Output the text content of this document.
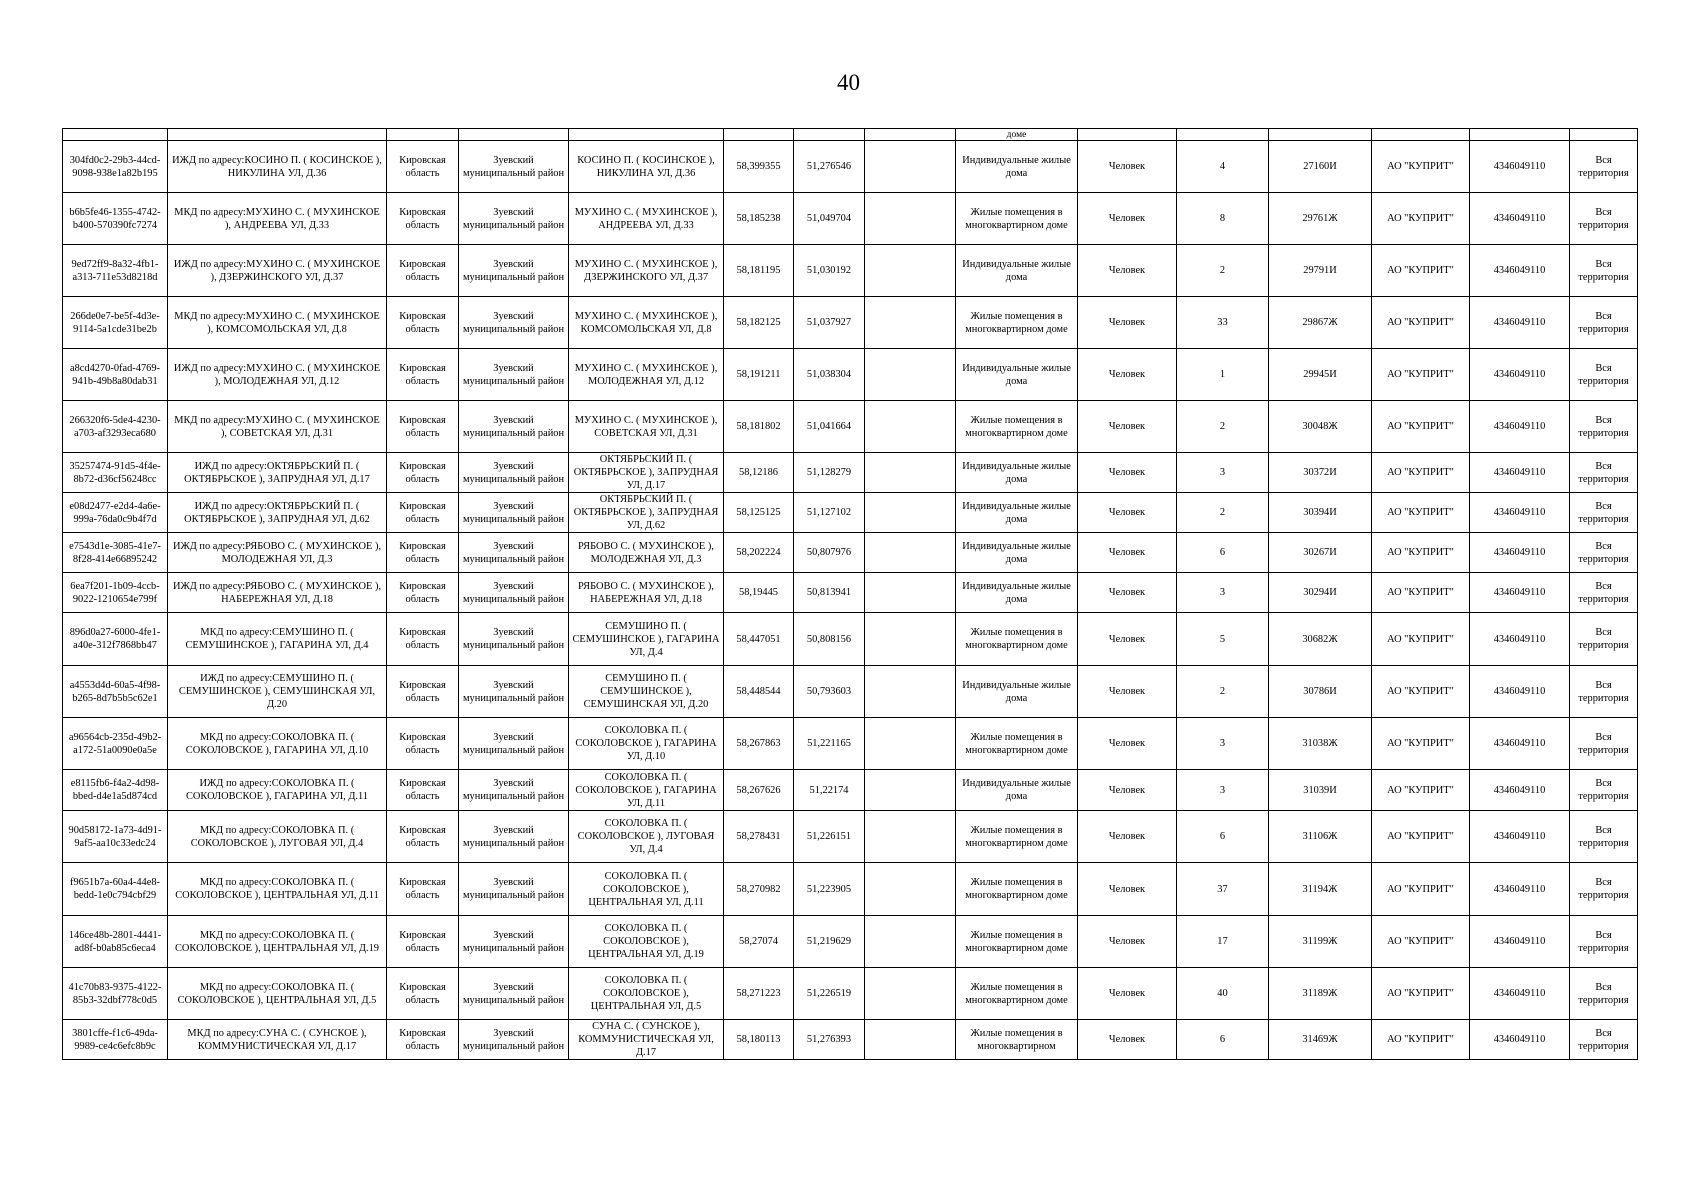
40
								доме						
304fd0c2-29b3-44cd-9098-938e1a82b195	ИЖД по адресу:КОСИНО П. ( КОСИНСКОЕ ), НИКУЛИНА УЛ, Д.36	Кировская область	Зуевский муниципальный район	КОСИНО П. ( КОСИНСКОЕ ), НИКУЛИНА УЛ, Д.36	58,399355	51,276546		Индивидуальные жилые дома	Человек	4	27160И	АО "КУПРИТ"	4346049110	Вся территория
b6b5fe46-1355-4742-b400-570390fc7274	МКД по адресу:МУХИНО С. ( МУХИНСКОЕ ), АНДРЕЕВА УЛ, Д.33	Кировская область	Зуевский муниципальный район	МУХИНО С. ( МУХИНСКОЕ ), АНДРЕЕВА УЛ, Д.33	58,185238	51,049704		Жилые помещения в многоквартирном доме	Человек	8	29761Ж	АО "КУПРИТ"	4346049110	Вся территория
9ed72ff9-8a32-4fb1-a313-711e53d8218d	ИЖД по адресу:МУХИНО С. ( МУХИНСКОЕ ), ДЗЕРЖИНСКОГО УЛ, Д.37	Кировская область	Зуевский муниципальный район	МУХИНО С. ( МУХИНСКОЕ ), ДЗЕРЖИНСКОГО УЛ, Д.37	58,181195	51,030192		Индивидуальные жилые дома	Человек	2	29791И	АО "КУПРИТ"	4346049110	Вся территория
266de0e7-be5f-4d3e-9114-5a1cde31be2b	МКД по адресу:МУХИНО С. ( МУХИНСКОЕ ), КОМСОМОЛЬСКАЯ УЛ, Д.8	Кировская область	Зуевский муниципальный район	МУХИНО С. ( МУХИНСКОЕ ), КОМСОМОЛЬСКАЯ УЛ, Д.8	58,182125	51,037927		Жилые помещения в многоквартирном доме	Человек	33	29867Ж	АО "КУПРИТ"	4346049110	Вся территория
a8cd4270-0fad-4769-941b-49b8a80dab31	ИЖД по адресу:МУХИНО С. ( МУХИНСКОЕ ), МОЛОДЕЖНАЯ УЛ, Д.12	Кировская область	Зуевский муниципальный район	МУХИНО С. ( МУХИНСКОЕ ), МОЛОДЕЖНАЯ УЛ, Д.12	58,191211	51,038304		Индивидуальные жилые дома	Человек	1	29945И	АО "КУПРИТ"	4346049110	Вся территория
266320f6-5de4-4230-a703-af3293eca680	МКД по адресу:МУХИНО С. ( МУХИНСКОЕ ), СОВЕТСКАЯ УЛ, Д.31	Кировская область	Зуевский муниципальный район	МУХИНО С. ( МУХИНСКОЕ ), СОВЕТСКАЯ УЛ, Д.31	58,181802	51,041664		Жилые помещения в многоквартирном доме	Человек	2	30048Ж	АО "КУПРИТ"	4346049110	Вся территория
35257474-91d5-4f4e-8b72-d36cf56248cc	ИЖД по адресу:ОКТЯБРЬСКИЙ П. ( ОКТЯБРЬСКОЕ ), ЗАПРУДНАЯ УЛ, Д.17	Кировская область	Зуевский муниципальный район	ОКТЯБРЬСКИЙ П. ( ОКТЯБРЬСКОЕ ), ЗАПРУДНАЯ УЛ, Д.17	58,12186	51,128279		Индивидуальные жилые дома	Человек	3	30372И	АО "КУПРИТ"	4346049110	Вся территория
e08d2477-e2d4-4a6e-999a-76da0c9b4f7d	ИЖД по адресу:ОКТЯБРЬСКИЙ П. ( ОКТЯБРЬСКОЕ ), ЗАПРУДНАЯ УЛ, Д.62	Кировская область	Зуевский муниципальный район	ОКТЯБРЬСКИЙ П. ( ОКТЯБРЬСКОЕ ), ЗАПРУДНАЯ УЛ, Д.62	58,125125	51,127102		Индивидуальные жилые дома	Человек	2	30394И	АО "КУПРИТ"	4346049110	Вся территория
e7543d1e-3085-41e7-8f28-414e66895242	ИЖД по адресу:РЯБОВО С. ( МУХИНСКОЕ ), МОЛОДЕЖНАЯ УЛ, Д.3	Кировская область	Зуевский муниципальный район	РЯБОВО С. ( МУХИНСКОЕ ), МОЛОДЕЖНАЯ УЛ, Д.3	58,202224	50,807976		Индивидуальные жилые дома	Человек	6	30267И	АО "КУПРИТ"	4346049110	Вся территория
6ea7f201-1b09-4ccb-9022-1210654e799f	ИЖД по адресу:РЯБОВО С. ( МУХИНСКОЕ ), НАБЕРЕЖНАЯ УЛ, Д.18	Кировская область	Зуевский муниципальный район	РЯБОВО С. ( МУХИНСКОЕ ), НАБЕРЕЖНАЯ УЛ, Д.18	58,19445	50,813941		Индивидуальные жилые дома	Человек	3	30294И	АО "КУПРИТ"	4346049110	Вся территория
896d0a27-6000-4fe1-a40e-312f7868bb47	МКД по адресу:СЕМУШИНО П. ( СЕМУШИНСКОЕ ), ГАГАРИНА УЛ, Д.4	Кировская область	Зуевский муниципальный район	СЕМУШИНО П. ( СЕМУШИНСКОЕ ), ГАГАРИНА УЛ, Д.4	58,447051	50,808156		Жилые помещения в многоквартирном доме	Человек	5	30682Ж	АО "КУПРИТ"	4346049110	Вся территория
a4553d4d-60a5-4f98-b265-8d7b5b5c62e1	ИЖД по адресу:СЕМУШИНО П. ( СЕМУШИНСКОЕ ), СЕМУШИНСКАЯ УЛ, Д.20	Кировская область	Зуевский муниципальный район	СЕМУШИНО П. ( СЕМУШИНСКОЕ ), СЕМУШИНСКАЯ УЛ, Д.20	58,448544	50,793603		Индивидуальные жилые дома	Человек	2	30786И	АО "КУПРИТ"	4346049110	Вся территория
a96564cb-235d-49b2-a172-51a0090e0a5e	МКД по адресу:СОКОЛОВКА П. ( СОКОЛОВСКОЕ ), ГАГАРИНА УЛ, Д.10	Кировская область	Зуевский муниципальный район	СОКОЛОВКА П. ( СОКОЛОВСКОЕ ), ГАГАРИНА УЛ, Д.10	58,267863	51,221165		Жилые помещения в многоквартирном доме	Человек	3	31038Ж	АО "КУПРИТ"	4346049110	Вся территория
e8115fb6-f4a2-4d98-bbed-d4e1a5d874cd	ИЖД по адресу:СОКОЛОВКА П. ( СОКОЛОВСКОЕ ), ГАГАРИНА УЛ, Д.11	Кировская область	Зуевский муниципальный район	СОКОЛОВКА П. ( СОКОЛОВСКОЕ ), ГАГАРИНА УЛ, Д.11	58,267626	51,22174		Индивидуальные жилые дома	Человек	3	31039И	АО "КУПРИТ"	4346049110	Вся территория
90d58172-1a73-4d91-9af5-aa10c33edc24	МКД по адресу:СОКОЛОВКА П. ( СОКОЛОВСКОЕ ), ЛУГОВАЯ УЛ, Д.4	Кировская область	Зуевский муниципальный район	СОКОЛОВКА П. ( СОКОЛОВСКОЕ ), ЛУГОВАЯ УЛ, Д.4	58,278431	51,226151		Жилые помещения в многоквартирном доме	Человек	6	31106Ж	АО "КУПРИТ"	4346049110	Вся территория
f9651b7a-60a4-44e8-bedd-1e0c794cbf29	МКД по адресу:СОКОЛОВКА П. ( СОКОЛОВСКОЕ ), ЦЕНТРАЛЬНАЯ УЛ, Д.11	Кировская область	Зуевский муниципальный район	СОКОЛОВКА П. ( СОКОЛОВСКОЕ ), ЦЕНТРАЛЬНАЯ УЛ, Д.11	58,270982	51,223905		Жилые помещения в многоквартирном доме	Человек	37	31194Ж	АО "КУПРИТ"	4346049110	Вся территория
146ce48b-2801-4441-ad8f-b0ab85c6eca4	МКД по адресу:СОКОЛОВКА П. ( СОКОЛОВСКОЕ ), ЦЕНТРАЛЬНАЯ УЛ, Д.19	Кировская область	Зуевский муниципальный район	СОКОЛОВКА П. ( СОКОЛОВСКОЕ ), ЦЕНТРАЛЬНАЯ УЛ, Д.19	58,27074	51,219629		Жилые помещения в многоквартирном доме	Человек	17	31199Ж	АО "КУПРИТ"	4346049110	Вся территория
41c70b83-9375-4122-85b3-32dbf778c0d5	МКД по адресу:СОКОЛОВКА П. ( СОКОЛОВСКОЕ ), ЦЕНТРАЛЬНАЯ УЛ, Д.5	Кировская область	Зуевский муниципальный район	СОКОЛОВКА П. ( СОКОЛОВСКОЕ ), ЦЕНТРАЛЬНАЯ УЛ, Д.5	58,271223	51,226519		Жилые помещения в многоквартирном доме	Человек	40	31189Ж	АО "КУПРИТ"	4346049110	Вся территория
3801cffe-f1c6-49da-9989-ce4c6efc8b9c	МКД по адресу:СУНА С. ( СУНСКОЕ ), КОММУНИСТИЧЕСКАЯ УЛ, Д.17	Кировская область	Зуевский муниципальный район	СУНА С. ( СУНСКОЕ ), КОММУНИСТИЧЕСКАЯ УЛ, Д.17	58,180113	51,276393		Жилые помещения в многоквартирном	Человек	6	31469Ж	АО "КУПРИТ"	4346049110	Вся территория
